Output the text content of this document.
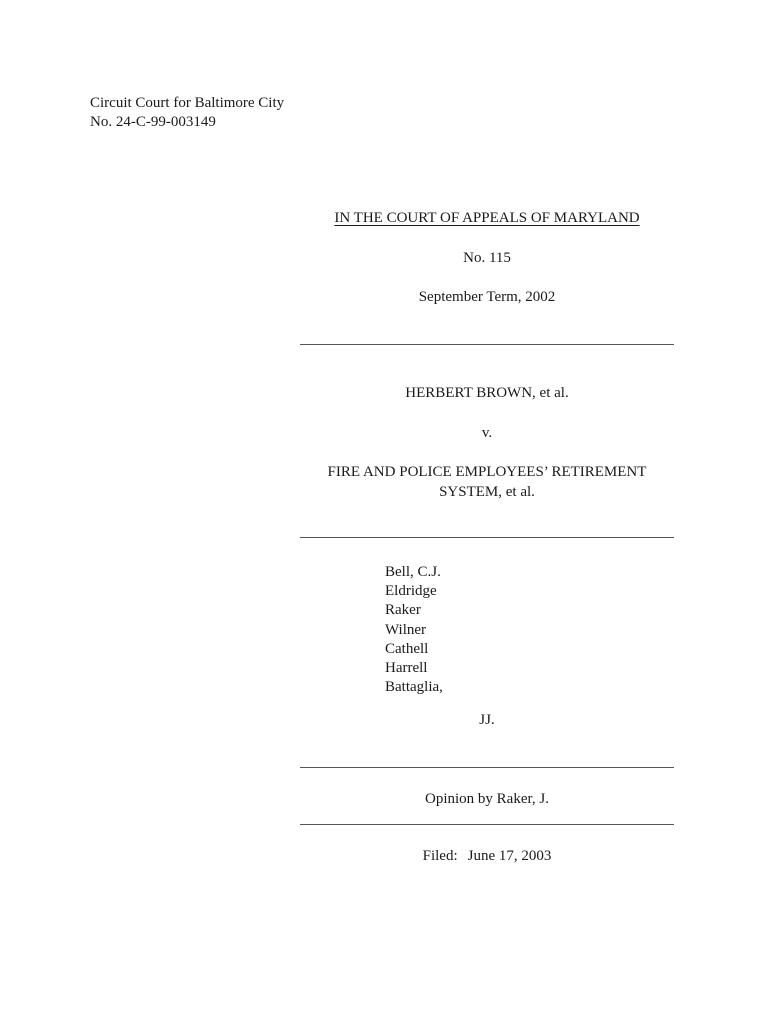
Circuit Court for Baltimore City
No. 24-C-99-003149
IN THE COURT OF APPEALS OF MARYLAND
No. 115
September Term, 2002
HERBERT BROWN, et al.
v.
FIRE AND POLICE EMPLOYEES’ RETIREMENT
SYSTEM, et al.
Bell, C.J.
Eldridge
Raker
Wilner
Cathell
Harrell
Battaglia,
JJ.
Opinion by Raker, J.
Filed: June 17, 2003
